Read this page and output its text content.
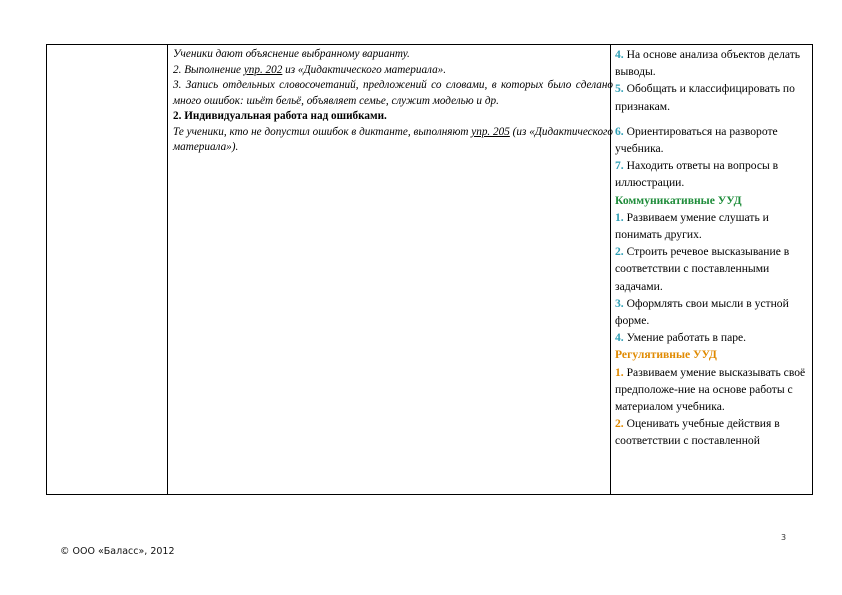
Ученики дают объяснение выбранному варианту.

2. Выполнение упр. 202 из «Дидактического материала».

3. Запись отдельных словосочетаний, предложений со словами, в которых было сделано много ошибок: шьёт бельё, объявляет семье, служит моделью и др.

2. Индивидуальная работа над ошибками.

Те ученики, кто не допустил ошибок в диктанте, выполняют упр. 205 (из «Дидактического материала»).

4. На основе анализа объектов делать выводы.

5. Обобщать и классифицировать по признакам.

6. Ориентироваться на развороте учебника.

7. Находить ответы на вопросы в иллюстрации.

Коммуникативные УУД

1. Развиваем умение слушать и понимать других.

2. Строить речевое высказывание в соответствии с поставленными задачами.

3. Оформлять свои мысли в устной форме.

4. Умение работать в паре.

Регулятивные УУД

1. Развиваем умение высказывать своё предположе-ние на основе работы с материалом учебника.

2. Оценивать учебные действия в соответствии с поставленной

3
© ООО «Баласс», 2012
